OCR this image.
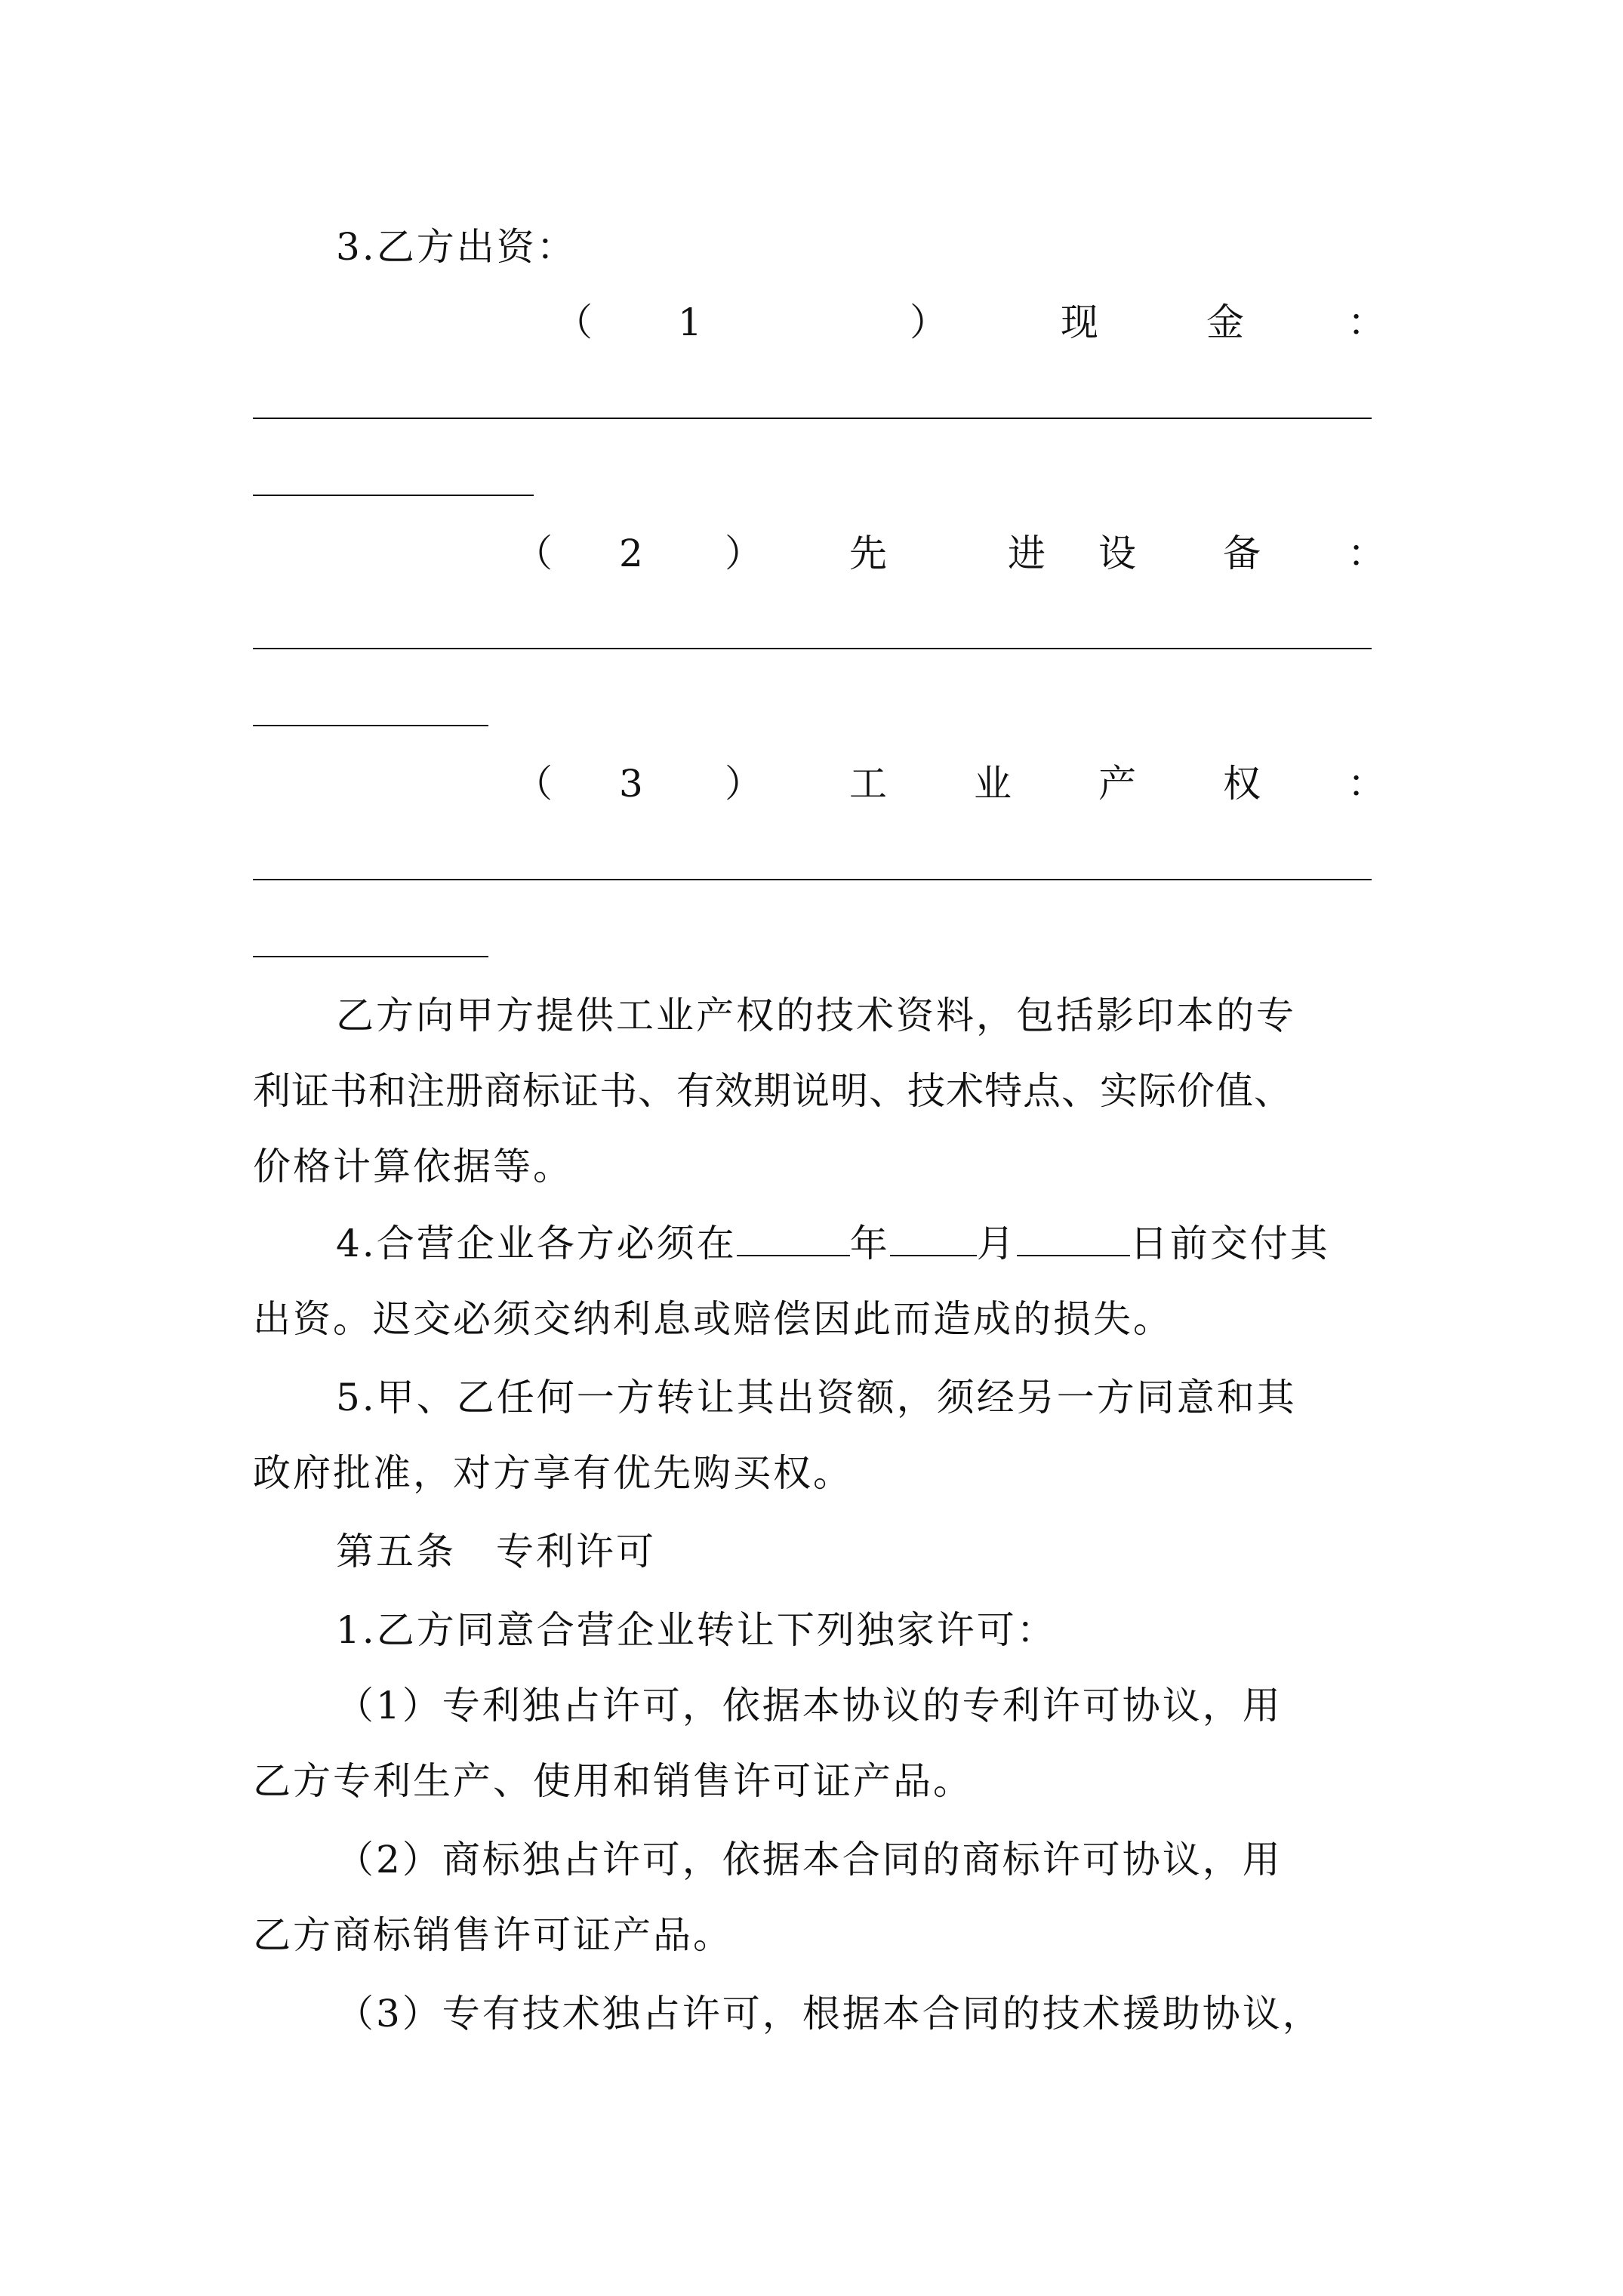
3.乙方出资：
（ 1	）	现	金	：
（ 2 ） 先	进 设 备 ：
（ 3 ） 工 业 产 权 ：
乙方向甲方提供工业产权的技术资料，包括影印本的专
利证书和注册商标证书、有效期说明、技术特点、实际价值、
价格计算依据等。
4.合营企业各方必须在	年 月	日前交付其
出资。迟交必须交纳利息或赔偿因此而造成的损失。
5.甲、乙任何一方转让其出资额，须经另一方同意和其
政府批准，对方享有优先购买权。
第五条　专利许可
1.乙方同意合营企业转让下列独家许可：
（1）专利独占许可，依据本协议的专利许可协议，用
乙方专利生产、使用和销售许可证产品。
（2）商标独占许可，依据本合同的商标许可协议，用
乙方商标销售许可证产品。
（3）专有技术独占许可，根据本合同的技术援助协议，
